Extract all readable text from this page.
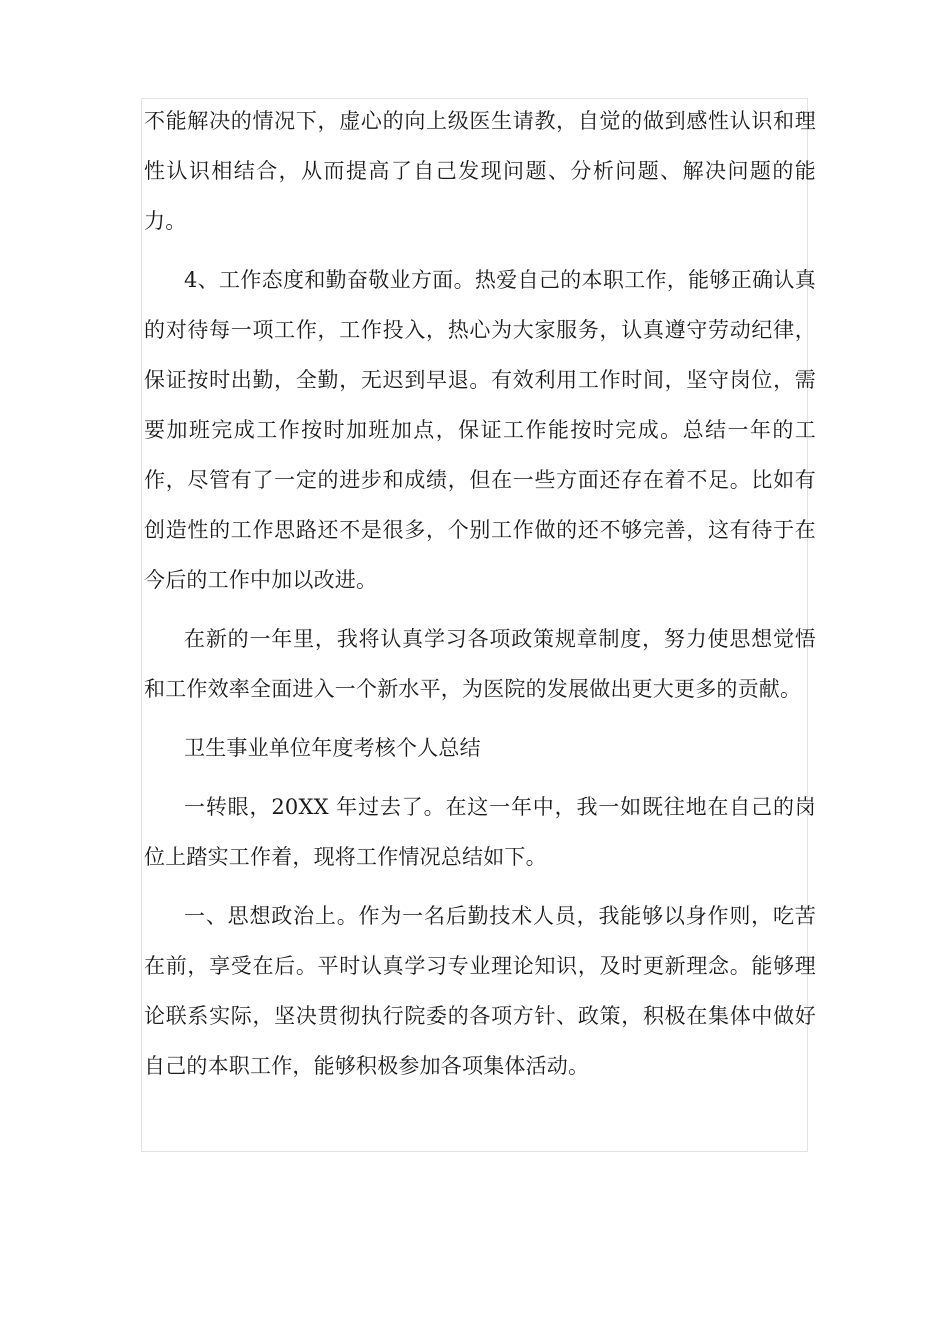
不能解决的情况下，虚心的向上级医生请教，自觉的做到感性认识和理性认识相结合，从而提高了自己发现问题、分析问题、解决问题的能力。

4、工作态度和勤奋敬业方面。热爱自己的本职工作，能够正确认真的对待每一项工作，工作投入，热心为大家服务，认真遵守劳动纪律，保证按时出勤，全勤，无迟到早退。有效利用工作时间，坚守岗位，需要加班完成工作按时加班加点，保证工作能按时完成。总结一年的工作，尽管有了一定的进步和成绩，但在一些方面还存在着不足。比如有创造性的工作思路还不是很多，个别工作做的还不够完善，这有待于在今后的工作中加以改进。

在新的一年里，我将认真学习各项政策规章制度，努力使思想觉悟和工作效率全面进入一个新水平，为医院的发展做出更大更多的贡献。

卫生事业单位年度考核个人总结

一转眼，20XX 年过去了。在这一年中，我一如既往地在自己的岗位上踏实工作着，现将工作情况总结如下。

一、思想政治上。作为一名后勤技术人员，我能够以身作则，吃苦在前，享受在后。平时认真学习专业理论知识，及时更新理念。能够理论联系实际，坚决贯彻执行院委的各项方针、政策，积极在集体中做好自己的本职工作，能够积极参加各项集体活动。
